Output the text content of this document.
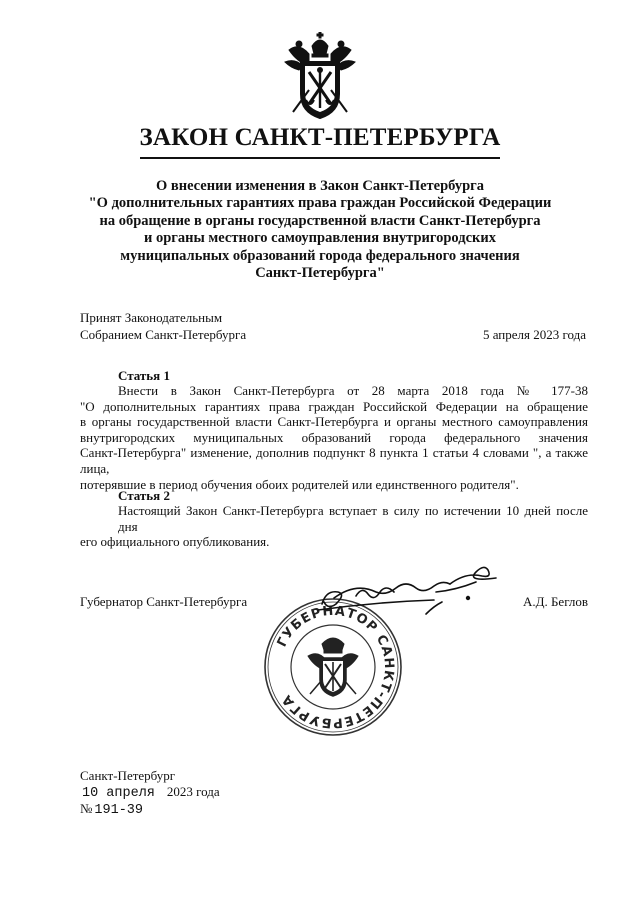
ЗАКОН САНКТ-ПЕТЕРБУРГА
О внесении изменения в Закон Санкт-Петербурга
"О дополнительных гарантиях права граждан Российской Федерации
на обращение в органы государственной власти Санкт-Петербурга
и органы местного самоуправления внутригородских
муниципальных образований города федерального значения
Санкт-Петербурга"
Принят Законодательным
Собранием Санкт-Петербурга	5 апреля 2023 года
Статья 1
Внести в Закон Санкт-Петербурга от 28 марта 2018 года № 177-38
"О дополнительных гарантиях права граждан Российской Федерации на обращение
в органы государственной власти Санкт-Петербурга и органы местного самоуправления
внутригородских муниципальных образований города федерального значения
Санкт-Петербурга" изменение, дополнив подпункт 8 пункта 1 статьи 4 словами ", а также лица,
потерявшие в период обучения обоих родителей или единственного родителя".
Статья 2
Настоящий Закон Санкт-Петербурга вступает в силу по истечении 10 дней после дня
его официального опубликования.
Губернатор Санкт-Петербурга	А.Д. Беглов
ГУБЕРНАТОР САНКТ-ПЕТЕРБУРГА
Санкт-Петербург
10 апреля 2023 года
№ 191-39
